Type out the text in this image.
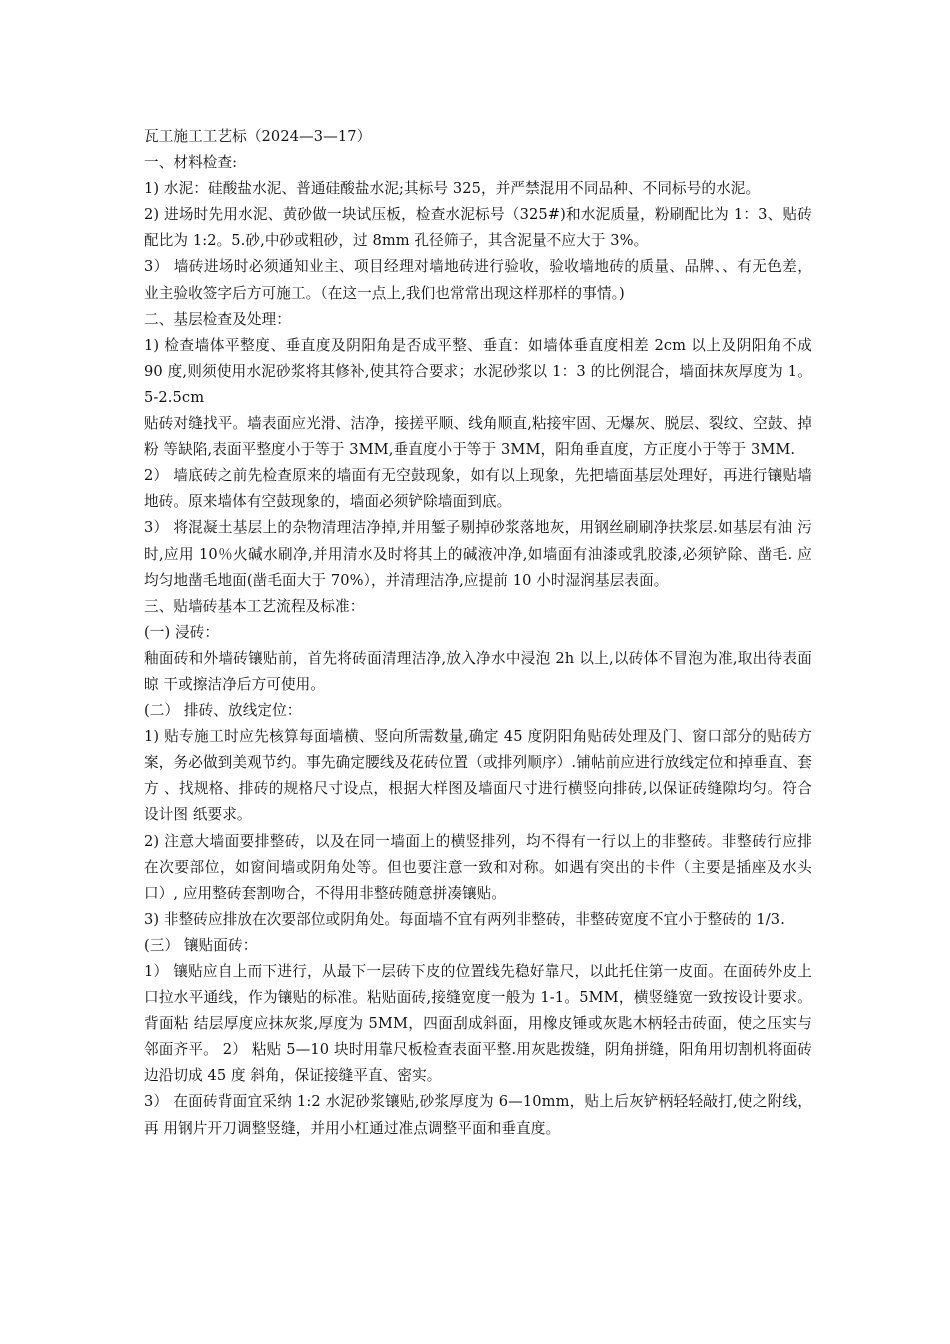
瓦工施工工艺标（2024—3—17）

一、材料检查:

1) 水泥：硅酸盐水泥、普通硅酸盐水泥;其标号 325，并严禁混用不同品种、不同标号的水泥。

2) 进场时先用水泥、黄砂做一块试压板，检查水泥标号（325#)和水泥质量，粉刷配比为 1：3、贴砖 配比为 1:2。5.砂,中砂或粗砂，过 8mm 孔径筛子，其含泥量不应大于 3%。

3） 墙砖进场时必须通知业主、项目经理对墙地砖进行验收，验收墙地砖的质量、品牌、、有无色差， 业主验收签字后方可施工。（在这一点上,我们也常常出现这样那样的事情。)

二、基层检查及处理：

1) 检查墙体平整度、垂直度及阴阳角是否成平整、垂直：如墙体垂直度相差 2cm 以上及阴阳角不成 90 度,则须使用水泥砂浆将其修补,使其符合要求；水泥砂浆以 1：3 的比例混合，墙面抹灰厚度为 1。5-2.5cm

贴砖对缝找平。墙表面应光滑、洁净，接搓平顺、线角顺直,粘接牢固、无爆灰、脱层、裂纹、空鼓、掉粉 等缺陷,表面平整度小于等于 3MM,垂直度小于等于 3MM，阳角垂直度，方正度小于等于 3MM.

2） 墙底砖之前先检查原来的墙面有无空鼓现象，如有以上现象，先把墙面基层处理好，再进行镶贴墙 地砖。原来墙体有空鼓现象的，墙面必须铲除墙面到底。

3） 将混凝土基层上的杂物清理洁净掉,并用錾子剔掉砂浆落地灰，用钢丝刷刷净扶浆层.如基层有油 污时,应用 10％火碱水刷净,并用清水及时将其上的碱液冲净,如墙面有油漆或乳胶漆,必须铲除、凿毛. 应均匀地凿毛地面(凿毛面大于 70%），并清理洁净,应提前 10 小时湿润基层表面。

三、贴墙砖基本工艺流程及标准：

(一) 浸砖：

釉面砖和外墙砖镶贴前，首先将砖面清理洁净,放入净水中浸泡 2h 以上,以砖体不冒泡为准,取出待表面晾 干或擦洁净后方可使用。

(二） 排砖、放线定位：

1) 贴专施工时应先核算每面墙横、竖向所需数量,确定 45 度阴阳角贴砖处理及门、窗口部分的贴砖方 案，务必做到美观节约。事先确定腰线及花砖位置（或排列顺序）.铺帖前应进行放线定位和掉垂直、套方 、找规格、排砖的规格尺寸设点，根据大样图及墙面尺寸进行横竖向排砖,以保证砖缝隙均匀。符合设计图 纸要求。

2) 注意大墙面要排整砖，以及在同一墙面上的横竖排列，均不得有一行以上的非整砖。非整砖行应排 在次要部位，如窗间墙或阴角处等。但也要注意一致和对称。如遇有突出的卡件（主要是插座及水头口）, 应用整砖套割吻合，不得用非整砖随意拼凑镶贴。

3) 非整砖应排放在次要部位或阴角处。每面墙不宜有两列非整砖，非整砖宽度不宜小于整砖的 1/3.

(三） 镶贴面砖：

1） 镶贴应自上而下进行，从最下一层砖下皮的位置线先稳好靠尺，以此托住第一皮面。在面砖外皮上 口拉水平通线，作为镶贴的标准。粘贴面砖,接缝宽度一般为 1-1。5MM，横竖缝宽一致按设计要求。背面粘 结层厚度应抹灰浆,厚度为 5MM，四面刮成斜面，用橡皮锤或灰匙木柄轻击砖面，使之压实与邻面齐平。 2） 粘贴 5—10 块时用靠尺板检查表面平整.用灰匙拨缝，阴角拼缝，阳角用切割机将面砖边沿切成 45 度 斜角，保证接缝平直、密实。

3） 在面砖背面宜采纳 1:2 水泥砂浆镶贴,砂浆厚度为 6—10mm，贴上后灰铲柄轻轻敲打,使之附线，再 用钢片开刀调整竖缝，并用小杠通过准点调整平面和垂直度。
